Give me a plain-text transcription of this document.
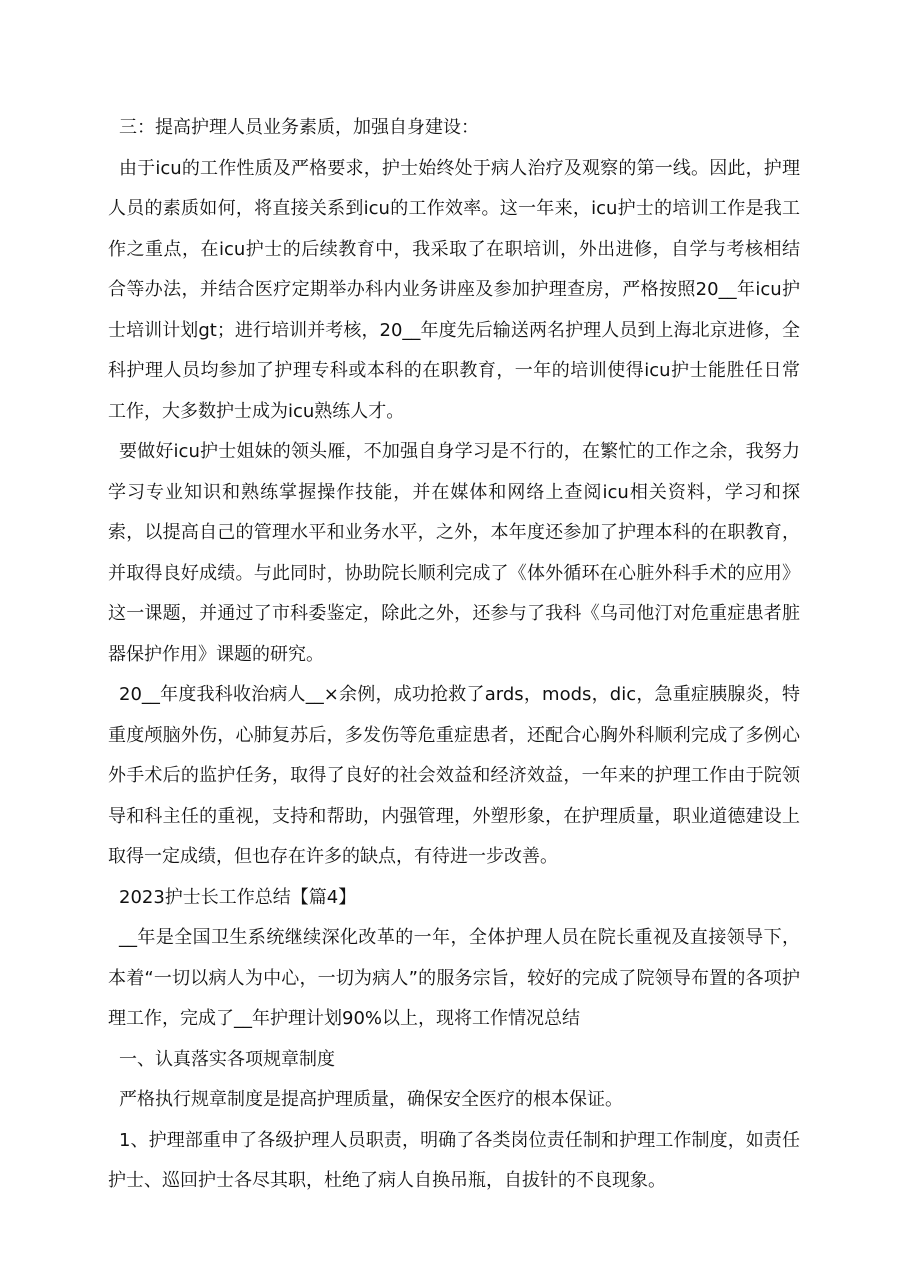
三：提高护理人员业务素质，加强自身建设：

由于icu的工作性质及严格要求，护士始终处于病人治疗及观察的第一线。因此，护理人员的素质如何，将直接关系到icu的工作效率。这一年来，icu护士的培训工作是我工作之重点，在icu护士的后续教育中，我采取了在职培训，外出进修，自学与考核相结合等办法，并结合医疗定期举办科内业务讲座及参加护理查房，严格按照20__年icu护士培训计划gt；进行培训并考核，20__年度先后输送两名护理人员到上海北京进修，全科护理人员均参加了护理专科或本科的在职教育，一年的培训使得icu护士能胜任日常工作，大多数护士成为icu熟练人才。

要做好icu护士姐妹的领头雁，不加强自身学习是不行的，在繁忙的工作之余，我努力学习专业知识和熟练掌握操作技能，并在媒体和网络上查阅icu相关资料，学习和探索，以提高自己的管理水平和业务水平，之外，本年度还参加了护理本科的在职教育，并取得良好成绩。与此同时，协助院长顺利完成了《体外循环在心脏外科手术的应用》这一课题，并通过了市科委鉴定，除此之外，还参与了我科《乌司他汀对危重症患者脏器保护作用》课题的研究。

20__年度我科收治病人__×余例，成功抢救了ards，mods，dic，急重症胰腺炎，特重度颅脑外伤，心肺复苏后，多发伤等危重症患者，还配合心胸外科顺利完成了多例心外手术后的监护任务，取得了良好的社会效益和经济效益，一年来的护理工作由于院领导和科主任的重视，支持和帮助，内强管理，外塑形象，在护理质量，职业道德建设上取得一定成绩，但也存在许多的缺点，有待进一步改善。

2023护士长工作总结【篇4】

__年是全国卫生系统继续深化改革的一年，全体护理人员在院长重视及直接领导下，本着“一切以病人为中心，一切为病人”的服务宗旨，较好的完成了院领导布置的各项护理工作，完成了__年护理计划90%以上，现将工作情况总结

一、认真落实各项规章制度

严格执行规章制度是提高护理质量，确保安全医疗的根本保证。

1、护理部重申了各级护理人员职责，明确了各类岗位责任制和护理工作制度，如责任护士、巡回护士各尽其职，杜绝了病人自换吊瓶，自拔针的不良现象。
